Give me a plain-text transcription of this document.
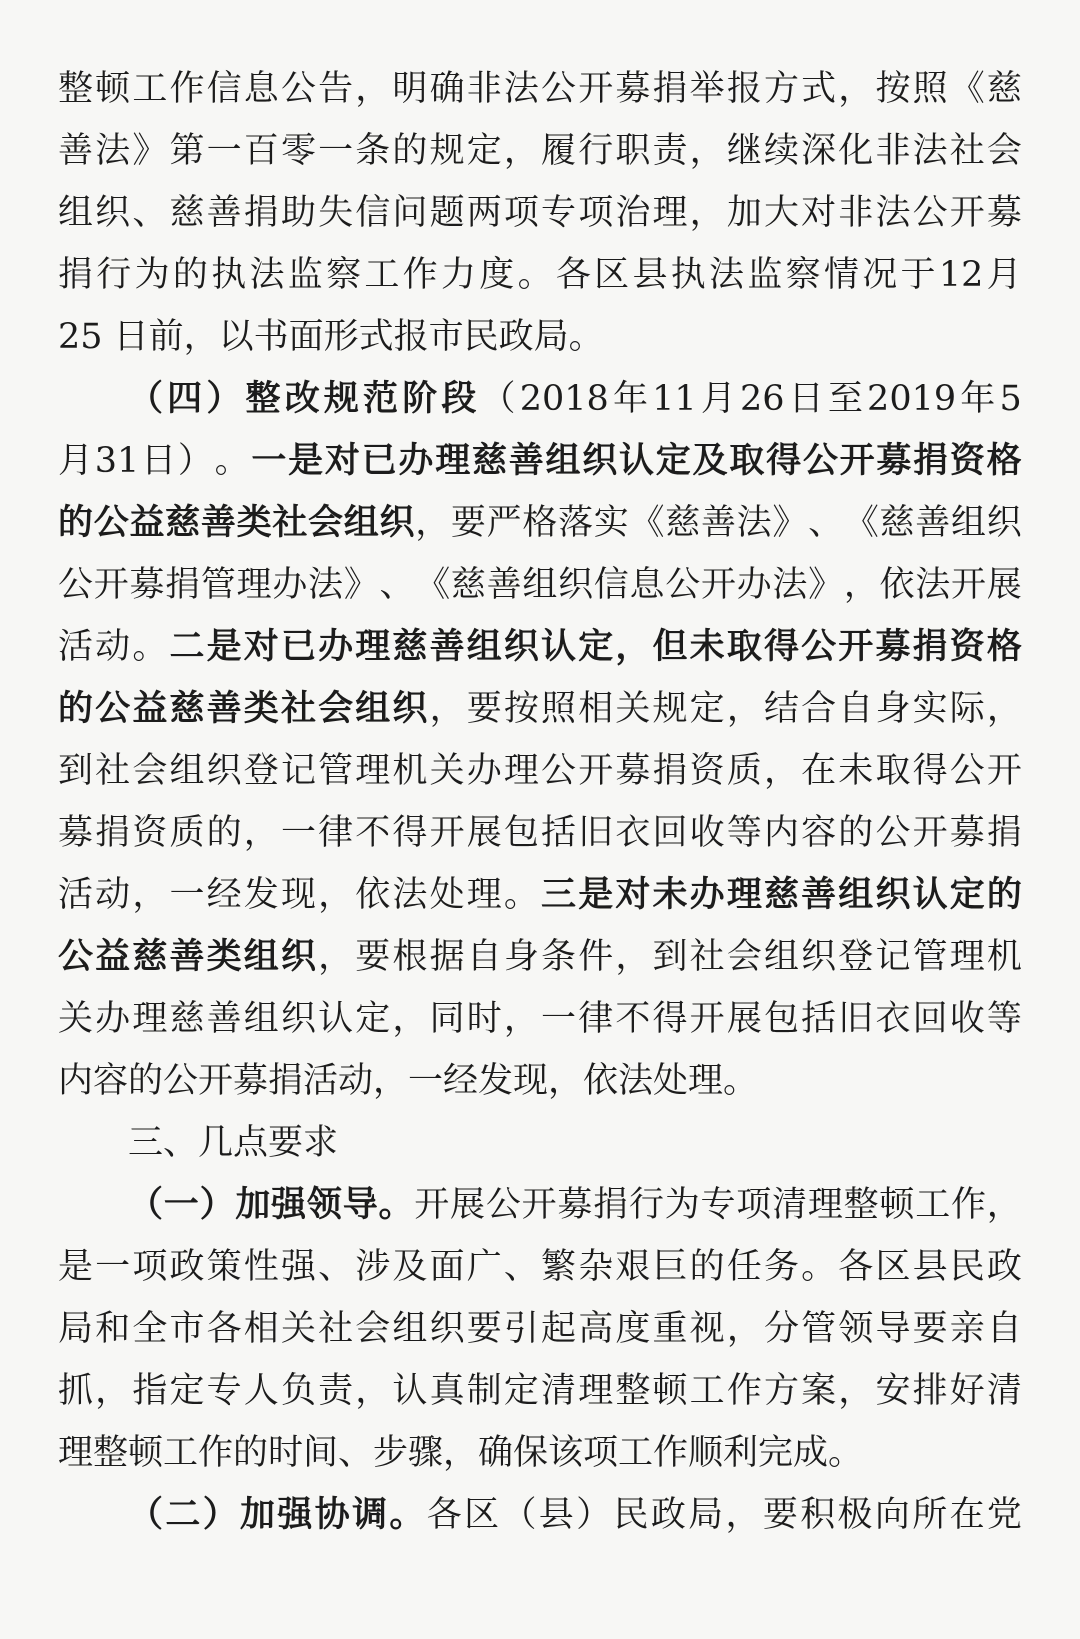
整 顿 工 作 信 息 公 告 ， 明 确 非 法 公 开 募 捐 举 报 方 式 ， 按 照 《 慈
善 法 》 第 一 百 零 一 条 的 规 定 ， 履 行 职 责 ， 继 续 深 化 非 法 社 会
组 织 、 慈 善 捐 助 失 信 问 题 两 项 专 项 治 理 ， 加 大 对 非 法 公 开 募
捐 行 为 的 执 法 监 察 工 作 力 度 。 各 区 县 执 法 监 察 情 况 于 12 月
25 日前，以书面形式报市民政局。
（ 四 ） 整 改 规 范 阶 段 （ 2018 年 11 月 26 日 至 2019 年 5
月 31 日 ） 。 一 是 对 已 办 理 慈 善 组 织 认 定 及 取 得 公 开 募 捐 资 格
的 公 益 慈 善 类 社 会 组 织 ， 要 严 格 落 实 《 慈 善 法 》 、 《 慈 善 组 织
公 开 募 捐 管 理 办 法 》 、 《 慈 善 组 织 信 息 公 开 办 法 》 ， 依 法 开 展
活 动 。 二 是 对 已 办 理 慈 善 组 织 认 定 ， 但 未 取 得 公 开 募 捐 资 格
的 公 益 慈 善 类 社 会 组 织 ， 要 按 照 相 关 规 定 ， 结 合 自 身 实 际 ，
到 社 会 组 织 登 记 管 理 机 关 办 理 公 开 募 捐 资 质 ， 在 未 取 得 公 开
募 捐 资 质 的 ， 一 律 不 得 开 展 包 括 旧 衣 回 收 等 内 容 的 公 开 募 捐
活 动 ， 一 经 发 现 ， 依 法 处 理 。 三 是 对 未 办 理 慈 善 组 织 认 定 的
公 益 慈 善 类 组 织 ， 要 根 据 自 身 条 件 ， 到 社 会 组 织 登 记 管 理 机
关 办 理 慈 善 组 织 认 定 ， 同 时 ， 一 律 不 得 开 展 包 括 旧 衣 回 收 等
内容的公开募捐活动，一经发现，依法处理。
三、几点要求
（ 一 ） 加 强 领 导 。 开 展 公 开 募 捐 行 为 专 项 清 理 整 顿 工 作 ，
是 一 项 政 策 性 强 、 涉 及 面 广 、 繁 杂 艰 巨 的 任 务 。 各 区 县 民 政
局 和 全 市 各 相 关 社 会 组 织 要 引 起 高 度 重 视 ， 分 管 领 导 要 亲 自
抓 ， 指 定 专 人 负 责 ， 认 真 制 定 清 理 整 顿 工 作 方 案 ， 安 排 好 清
理整顿工作的时间、步骤，确保该项工作顺利完成。
（ 二 ） 加 强 协 调 。 各 区 （ 县 ） 民 政 局 ， 要 积 极 向 所 在 党
